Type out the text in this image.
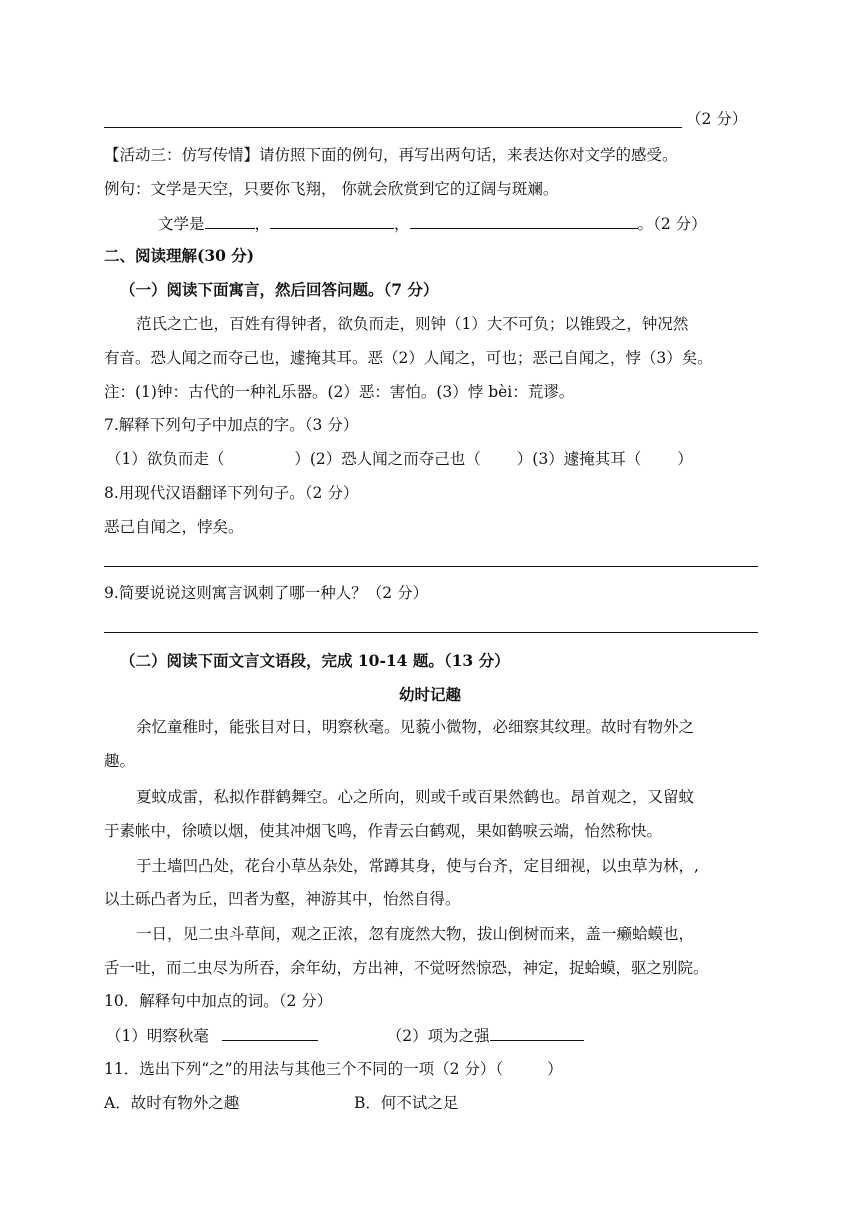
（2 分）
【活动三：仿写传情】请仿照下面的例句，再写出两句话，来表达你对文学的感受。
例句：文学是天空，只要你飞翔， 你就会欣赏到它的辽阔与斑斓。
文学是	，	，	。（2 分）
二、阅读理解(30 分)
（一）阅读下面寓言，然后回答问题。（7 分）
范氏之亡也，百姓有得钟者，欲负而走，则钟（1）大不可负；以锥毁之，钟况然
有音。恐人闻之而夺己也，遽掩其耳。恶（2）人闻之，可也；恶己自闻之，悖（3）矣。
注：(1)钟：古代的一种礼乐器。(2）恶：害怕。(3）悖 bèi：荒谬。
7.解释下列句子中加点的字。（3 分）
（1）欲负而走（	）(2）恐人闻之而夺己也（ ）(3）遽掩其耳（ ）
8.用现代汉语翻译下列句子。（2 分）
恶己自闻之，悖矣。
9.简要说说这则寓言讽刺了哪一种人？（2 分）
（二）阅读下面文言文语段，完成 10-14 题。（13 分）
幼时记趣
余忆童稚时，能张目对日，明察秋毫。见藐小微物，必细察其纹理。故时有物外之
趣。
夏蚊成雷，私拟作群鹤舞空。心之所向，则或千或百果然鹤也。昂首观之，又留蚊
于素帐中，徐喷以烟，使其冲烟飞鸣，作青云白鹤观，果如鹤唳云端，怡然称快。
于土墙凹凸处，花台小草丛杂处，常蹲其身，使与台齐，定目细视，以虫草为林，,
以土砾凸者为丘，凹者为壑，神游其中，怡然自得。
一日，见二虫斗草间，观之正浓，忽有庞然大物，拔山倒树而来，盖一癞蛤蟆也，
舌一吐，而二虫尽为所吞，余年幼，方出神，不觉呀然惊恐，神定，捉蛤蟆，驱之别院。
10．解释句中加点的词。（2 分）
（1）明察秋毫	（2）项为之强
11．选出下列“之”的用法与其他三个不同的一项（2 分）（	）
A．故时有物外之趣	B．何不试之足
